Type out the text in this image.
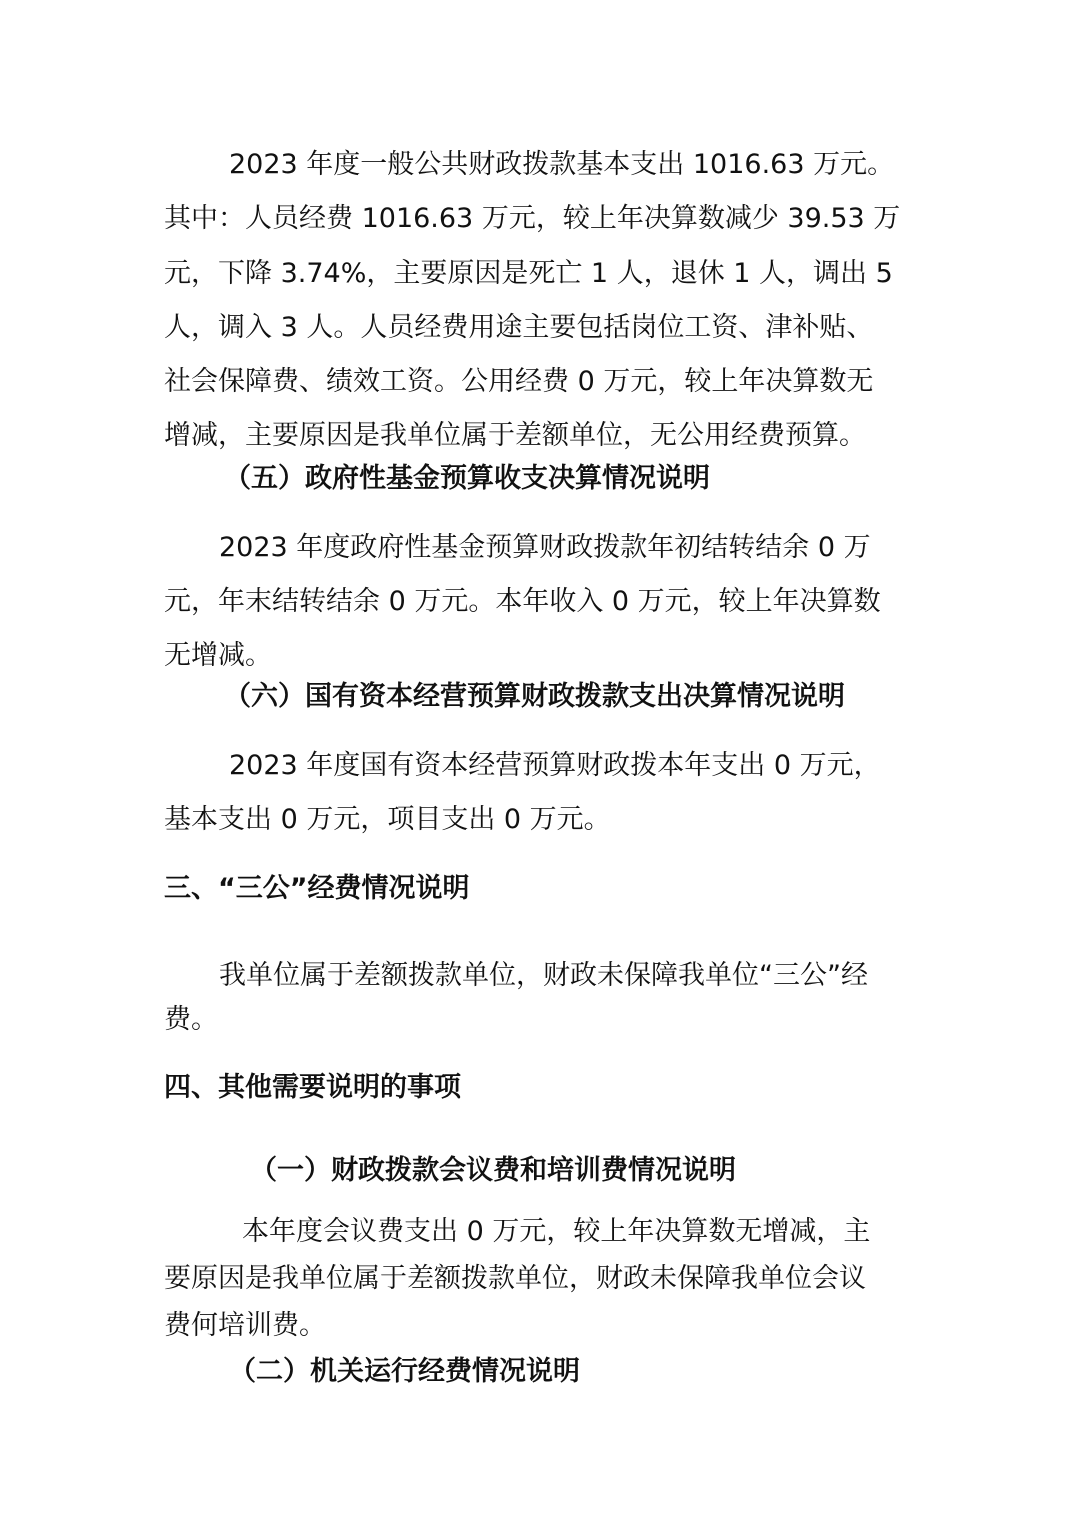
2023 年度一般公共财政拨款基本支出 1016.63 万元。
其中：人员经费 1016.63 万元，较上年决算数减少 39.53 万
元，下降 3.74%，主要原因是死亡 1 人，退休 1 人，调出 5
人，调入 3 人。人员经费用途主要包括岗位工资、津补贴、
社会保障费、绩效工资。公用经费 0 万元，较上年决算数无
增减，主要原因是我单位属于差额单位，无公用经费预算。
（五）政府性基金预算收支决算情况说明
2023 年度政府性基金预算财政拨款年初结转结余 0 万
元，年末结转结余 0 万元。本年收入 0 万元，较上年决算数
无增减。
（六）国有资本经营预算财政拨款支出决算情况说明
2023 年度国有资本经营预算财政拨本年支出 0 万元，
基本支出 0 万元，项目支出 0 万元。
三、“三公”经费情况说明
我单位属于差额拨款单位，财政未保障我单位“三公”经
费。
四、其他需要说明的事项
（一）财政拨款会议费和培训费情况说明
本年度会议费支出 0 万元，较上年决算数无增减，主
要原因是我单位属于差额拨款单位，财政未保障我单位会议
费何培训费。
（二）机关运行经费情况说明
